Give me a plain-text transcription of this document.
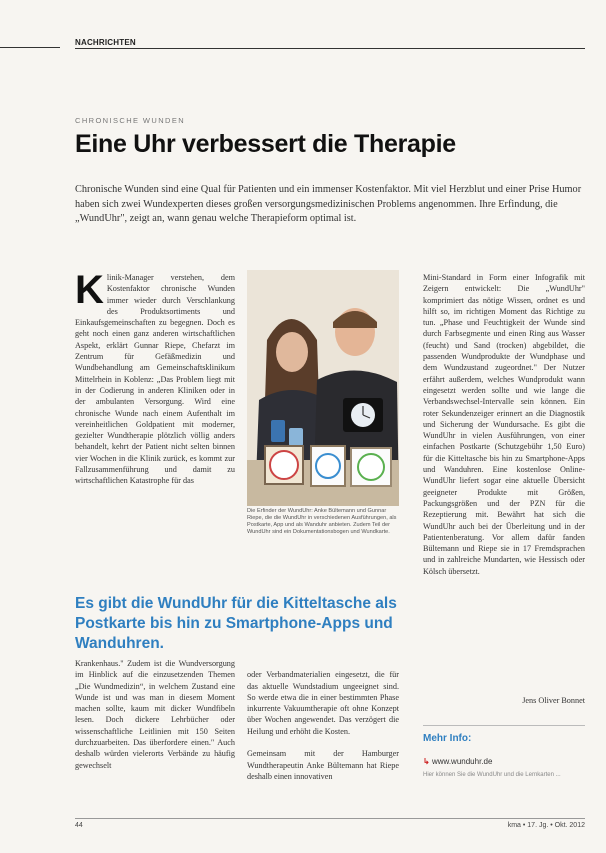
NACHRICHTEN
CHRONISCHE WUNDEN
Eine Uhr verbessert die Therapie

Chronische Wunden sind eine Qual für Patienten und ein immenser Kostenfaktor. Mit viel Herzblut und einer Prise Humor haben sich zwei Wundexperten dieses großen versorgungsmedizinischen Problems angenommen. Ihre Erfindung, die „WundUhr", zeigt an, wann genau welche Therapieform optimal ist.

K linik-Manager verstehen, dem Kostenfaktor chronische Wunden immer wieder durch Verschlankung des Produktsortiments und Einkaufsgemeinschaften zu begegnen. Doch es geht noch einen ganz anderen wirtschaftlichen Aspekt, erklärt Gunnar Riepe, Chefarzt im Zentrum für Gefäßmedizin und Wundbehandlung am Gemeinschaftsklinikum Mittelrhein in Koblenz: „Das Problem liegt mit in der Codierung in anderen Kliniken oder in der ambulanten Versorgung. Wird eine chronische Wunde nach einem Aufenthalt im vereinheitlichen Goldpatient mit moderner, gezielter Wundtherapie plötzlich völlig anders behandelt, kehrt der Patient nicht selten binnen vier Wochen in die Klinik zurück, es kommt zur Fallzusammenführung und damit zu wirtschaftlichen Katastrophe für das
Die Erfinder der WundUhr: Anke Bültemann und Gunnar Riepe, die die WundUhr in verschiedenen Ausführungen, als Postkarte, App und als Wanduhr anbieten. Zudem Teil der WundUhr sind ein Dokumentationsbogen und Wundkarte.
Mini-Standard in Form einer Infografik mit Zeigern entwickelt: Die „WundUhr" komprimiert das nötige Wissen, ordnet es und hilft so, im richtigen Moment das Richtige zu tun. „Phase und Feuchtigkeit der Wunde sind durch Farbsegmente und einen Ring aus Wasser (feucht) und Sand (trocken) abgebildet, die passenden Wundprodukte der Wundphase und dem Wundzustand zugeordnet." Der Nutzer erfährt außerdem, welches Wundprodukt wann eingesetzt werden sollte und wie lange die Verbandswechsel-Intervalle sein können. Ein roter Sekundenzeiger erinnert an die Diagnostik und Sicherung der Wundursache. Es gibt die WundUhr in vielen Ausführungen, von einer einfachen Postkarte (Schutzgebühr 1,50 Euro) für die Kitteltasche bis hin zu Smartphone-Apps und Wanduhren. Eine kostenlose Online-WundUhr liefert sogar eine aktuelle Übersicht geeigneter Produkte mit Größen, Packungsgrößen und der PZN für die Rezeptierung mit. Bewährt hat sich die WundUhr auch bei der Überleitung und in der Patientenberatung. Vor allem dafür fanden Bültemann und Riepe sie in 17 Fremdsprachen und in zahlreiche Mundarten, wie Hessisch oder Kölsch übersetzt.
Jens Oliver Bonnet
Es gibt die WundUhr für die Kitteltasche als Postkarte bis hin zu Smartphone-Apps und Wanduhren.
Krankenhaus." Zudem ist die Wundversorgung im Hinblick auf die einzusetzenden Themen „Die Wundmedizin“, in welchem Zustand eine Wunde ist und was man in diesem Moment machen sollte, kaum mit dicker Wundfibeln lesen. Doch dickere Lehrbücher oder wissenschaftliche Leitlinien mit 150 Seiten durchzuarbeiten. Das überfordere einen." Auch deshalb würden vielerorts Verbände zu häufig gewechselt

oder Verbandmaterialien eingesetzt, die für das aktuelle Wundstadium ungeeignet sind. So werde etwa die in einer bestimmten Phase inkurrente Vakuumtherapie oft ohne Konzept über Wochen angewendet. Das verzögert die Heilung und erhöht die Kosten.

Gemeinsam mit der Hamburger Wundtherapeutin Anke Bültemann hat Riepe deshalb einen innovativen

Mehr Info:
↳ www.wunduhr.de
Hier können Sie die WundUhr und die Lernkarten ...
44	kma • 17. Jg. • Okt. 2012
